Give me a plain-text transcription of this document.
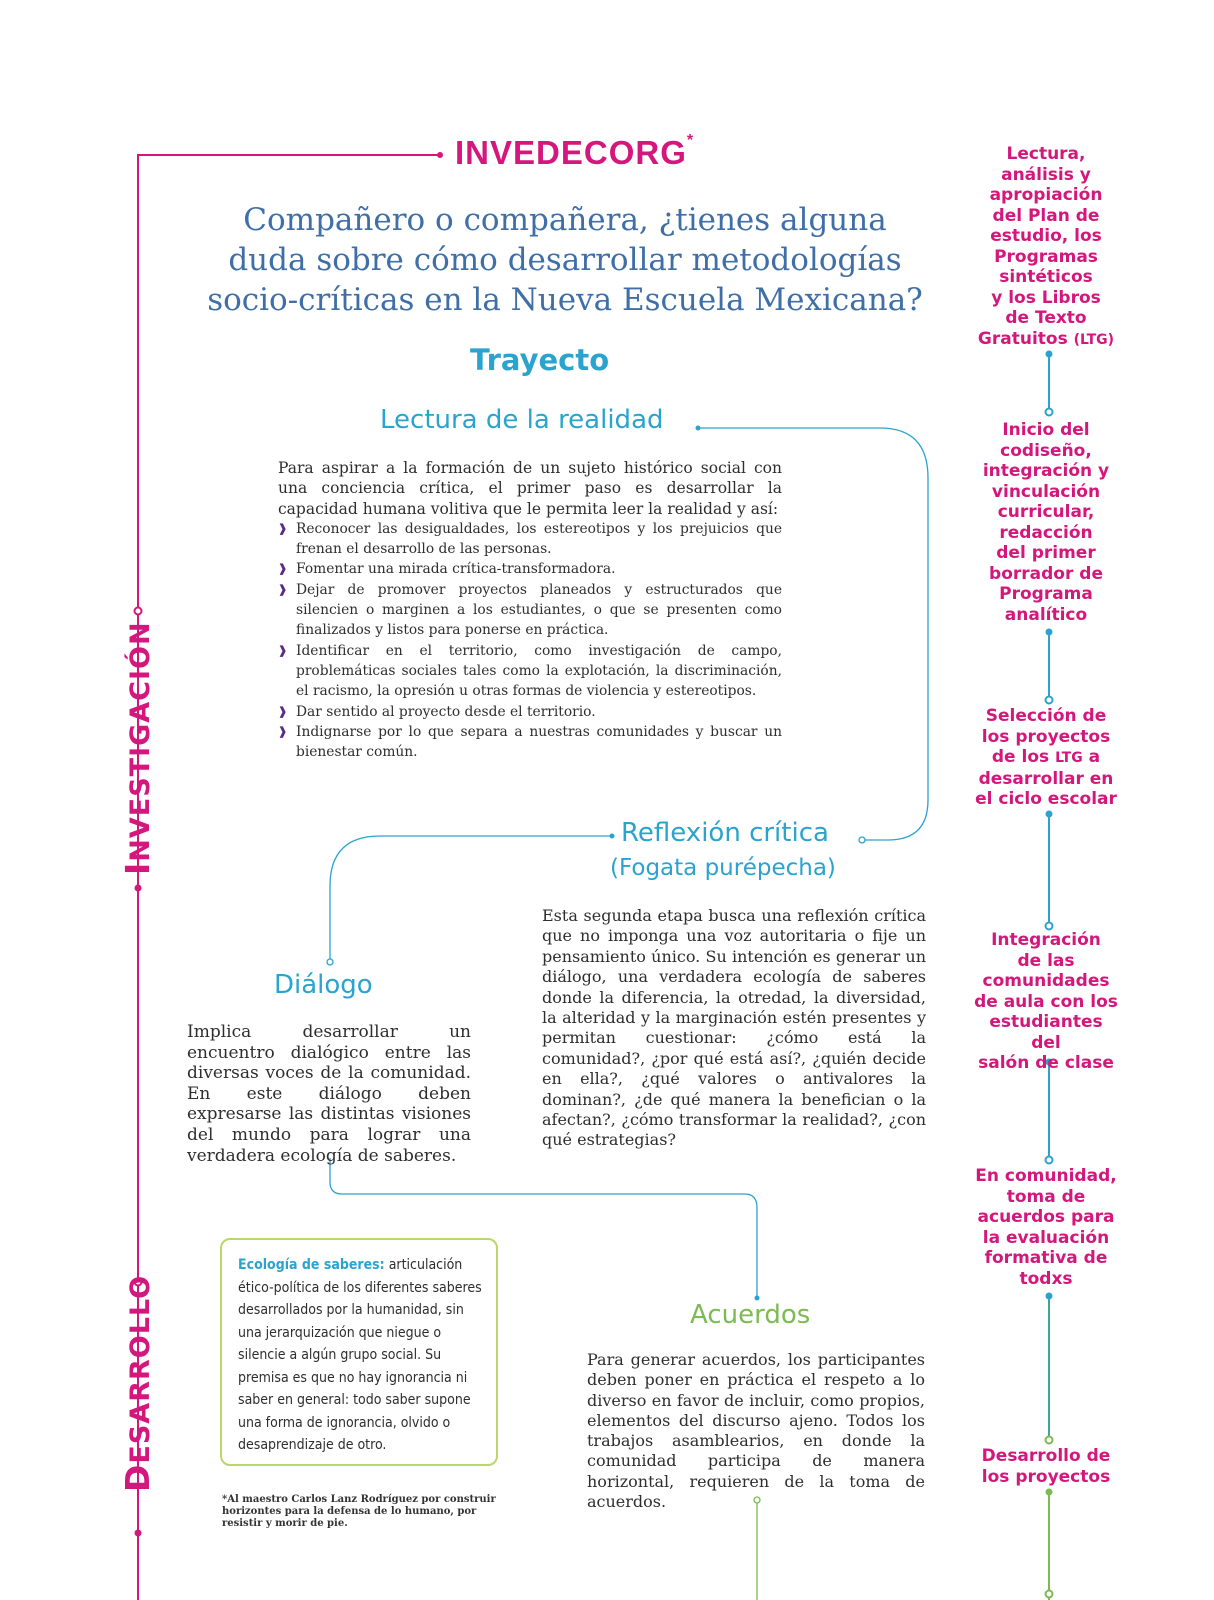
INVEDECORG*
Compañero o compañera, ¿tienes alguna duda sobre cómo desarrollar metodologías socio-críticas en la Nueva Escuela Mexicana?
Trayecto
Lectura de la realidad
Para aspirar a la formación de un sujeto histórico social con una conciencia crítica, el primer paso es desarrollar la capacidad humana volitiva que le permita leer la realidad y así:
❱ Reconocer las desigualdades, los estereotipos y los prejuicios que frenan el desarrollo de las personas.
❱ Fomentar una mirada crítica-transformadora.
❱ Dejar de promover proyectos planeados y estructurados que silencien o marginen a los estudiantes, o que se presenten como finalizados y listos para ponerse en práctica.
❱ Identificar en el territorio, como investigación de campo, problemáticas sociales tales como la explotación, la discriminación, el racismo, la opresión u otras formas de violencia y estereotipos.
❱ Dar sentido al proyecto desde el territorio.
❱ Indignarse por lo que separa a nuestras comunidades y buscar un bienestar común.
Reflexión crítica
(Fogata purépecha)
Esta segunda etapa busca una reflexión crítica que no imponga una voz autoritaria o fije un pensamiento único. Su intención es generar un diálogo, una verdadera ecología de saberes donde la diferencia, la otredad, la diversidad, la alteridad y la marginación estén presentes y permitan cuestionar: ¿cómo está la comunidad?, ¿por qué está así?, ¿quién decide en ella?, ¿qué valores o antivalores la dominan?, ¿de qué manera la benefician o la afectan?, ¿cómo transformar la realidad?, ¿con qué estrategias?
Diálogo
Implica desarrollar un encuentro dialógico entre las diversas voces de la comunidad. En este diálogo deben expresarse las distintas visiones del mundo para lograr una verdadera ecología de saberes.
Ecología de saberes: articulación ético-política de los diferentes saberes desarrollados por la humanidad, sin una jerarquización que niegue o silencie a algún grupo social. Su premisa es que no hay ignorancia ni saber en general: todo saber supone una forma de ignorancia, olvido o desaprendizaje de otro.
Acuerdos
Para generar acuerdos, los participantes deben poner en práctica el respeto a lo diverso en favor de incluir, como propios, elementos del discurso ajeno. Todos los trabajos asamblearios, en donde la comunidad participa de manera horizontal, requieren de la toma de acuerdos.
*Al maestro Carlos Lanz Rodríguez por construir horizontes para la defensa de lo humano, por resistir y morir de pie.
INVESTIGACIÓN
DESARROLLO
Lectura,
análisis y
apropiación
del Plan de
estudio, los
Programas
sintéticos
y los Libros
de Texto
Gratuitos (LTG)
Inicio del
codiseño,
integración y
vinculación
curricular,
redacción
del primer
borrador de
Programa
analítico
Selección de
los proyectos
de los LTG a
desarrollar en
el ciclo escolar
Integración
de las
comunidades
de aula con los
estudiantes del
salón de clase
En comunidad,
toma de
acuerdos para
la evaluación
formativa de
todxs
Desarrollo de
los proyectos
